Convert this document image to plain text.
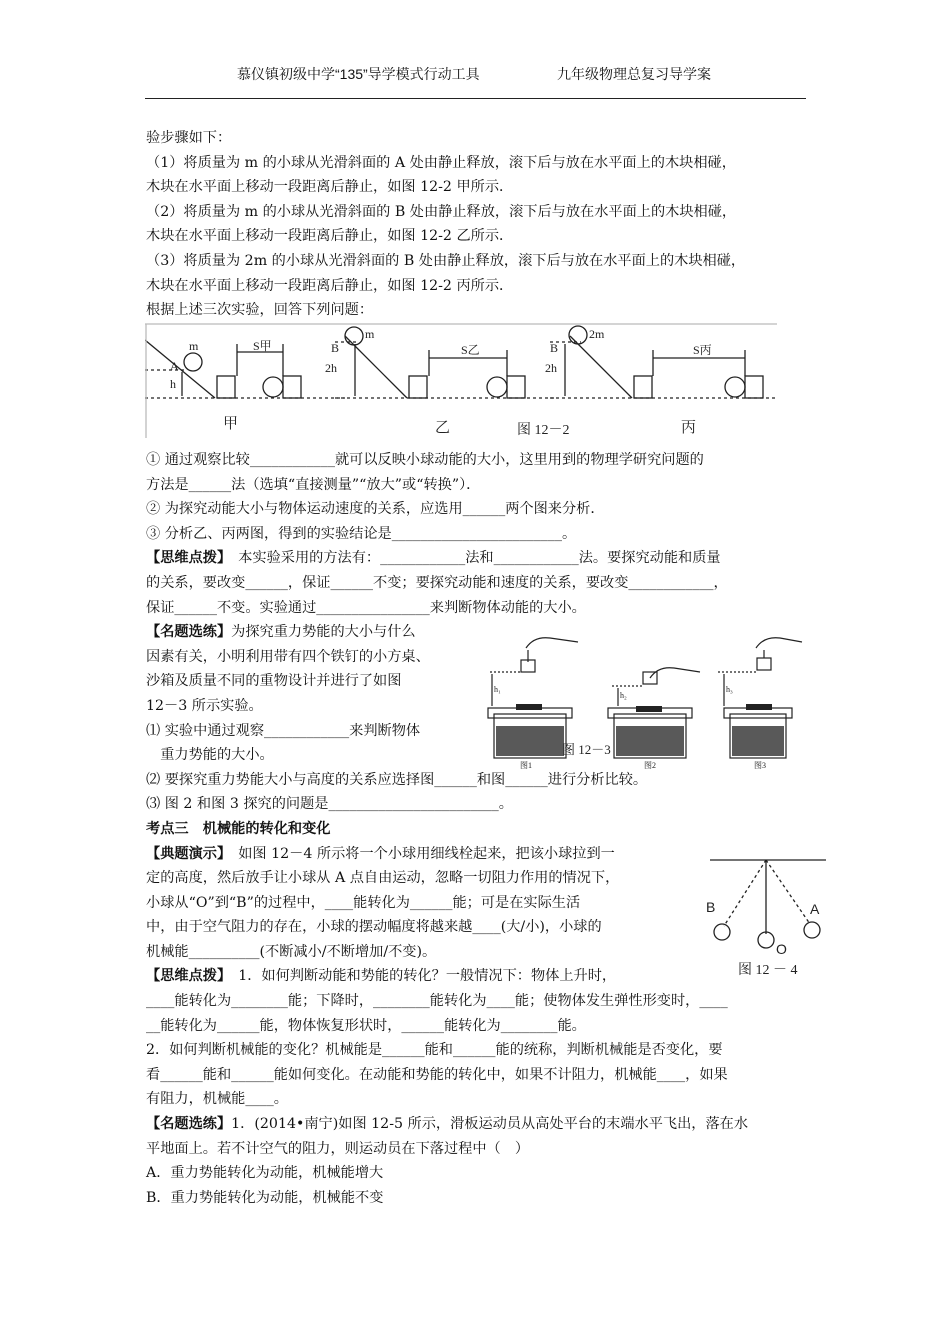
慕仪镇初级中学“135”导学模式行动工具	九年级物理总复习导学案
验步骤如下：
（1）将质量为 m 的小球从光滑斜面的 A 处由静止释放，滚下后与放在水平面上的木块相碰，
木块在水平面上移动一段距离后静止，如图 12-2 甲所示．
（2）将质量为 m 的小球从光滑斜面的 B 处由静止释放，滚下后与放在水平面上的木块相碰，
木块在水平面上移动一段距离后静止，如图 12-2 乙所示．
（3）将质量为 2m 的小球从光滑斜面的 B 处由静止释放，滚下后与放在水平面上的木块相碰，
木块在水平面上移动一段距离后静止，如图 12-2 丙所示．
根据上述三次实验，回答下列问题：
m
A
h
S甲
甲
m
B
2h
S乙
乙
2m
B
2h
S丙
丙
图 12－2
① 通过观察比较____________就可以反映小球动能的大小，这里用到的物理学研究问题的
方法是______法（选填“直接测量”“放大”或“转换”）．
② 为探究动能大小与物体运动速度的关系，应选用______两个图来分析．
③ 分析乙、丙两图，得到的实验结论是________________________。
【思维点拨】　本实验采用的方法有：____________法和____________法。要探究动能和质量
的关系，要改变______，保证______不变；要探究动能和速度的关系，要改变____________，
保证______不变。实验通过________________来判断物体动能的大小。
【名题选练】为探究重力势能的大小与什么
因素有关，小明利用带有四个铁钉的小方桌、
沙箱及质量不同的重物设计并进行了如图
12－3 所示实验。
⑴ 实验中通过观察____________来判断物体
　重力势能的大小。
⑵ 要探究重力势能大小与高度的关系应选择图______和图______进行分析比较。
⑶ 图 2 和图 3 探究的问题是________________________。
考点三　机械能的转化和变化
【典题演示】　如图 12－4 所示将一个小球用细线栓起来，把该小球拉到一
定的高度，然后放手让小球从 A 点自由运动，忽略一切阻力作用的情况下，
小球从“O”到“B”的过程中，____能转化为______能；可是在实际生活
中，由于空气阻力的存在，小球的摆动幅度将越来越____(大/小)，小球的
机械能__________(不断减小/不断增加/不变)。
【思维点拨】　1．如何判断动能和势能的转化？一般情况下：物体上升时，
____能转化为________能；下降时，________能转化为____能；使物体发生弹性形变时，____
__能转化为______能，物体恢复形状时，______能转化为________能。
2．如何判断机械能的变化？机械能是______能和______能的统称，判断机械能是否变化，要
看______能和______能如何变化。在动能和势能的转化中，如果不计阻力，机械能____，如果
有阻力，机械能____。
【名题选练】1．(2014•南宁)如图 12-5 所示，滑板运动员从高处平台的末端水平飞出，落在水
平地面上。若不计空气的阻力，则运动员在下落过程中（　）
A．重力势能转化为动能，机械能增大
B．重力势能转化为动能，机械能不变
h₁
h₂
h₃
图1	图2	图3
图 12－3
B	A
O
图 12 － 4
